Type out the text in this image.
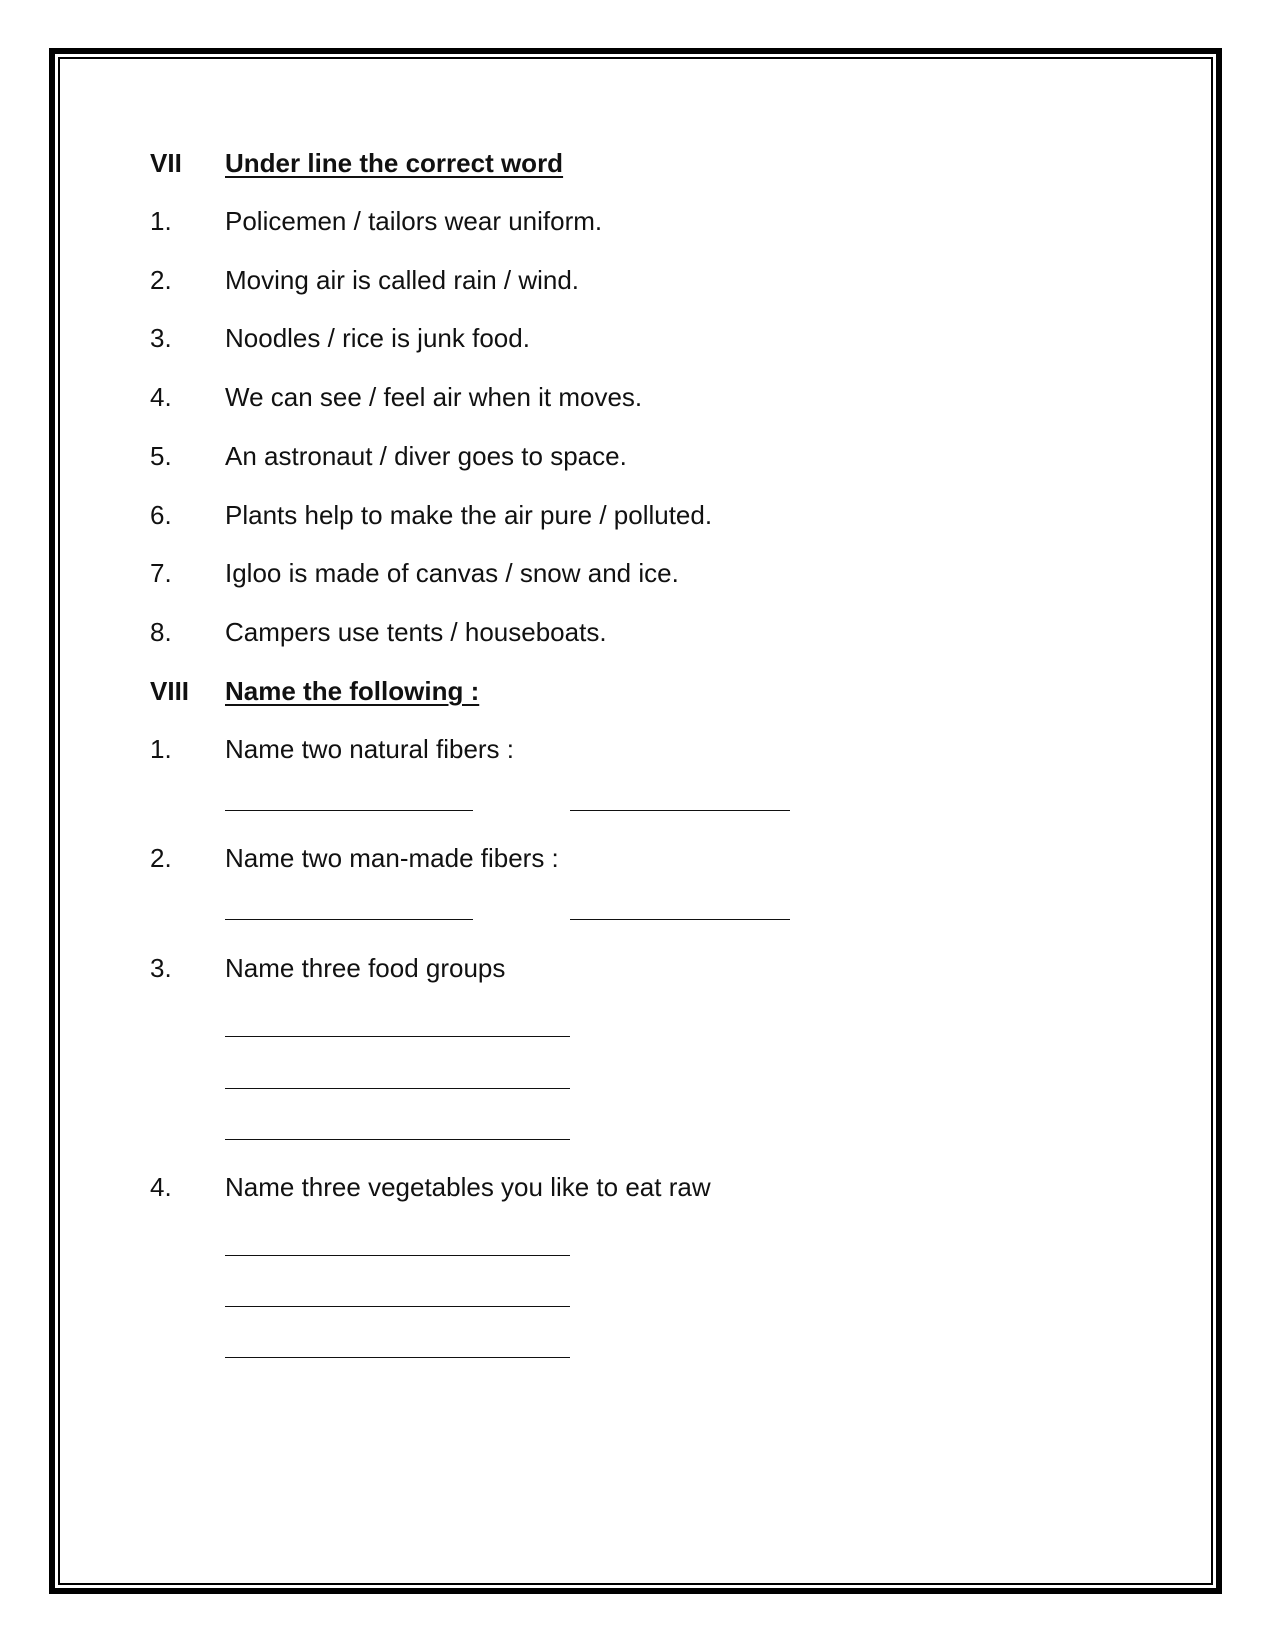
VII Under line the correct word
1. Policemen / tailors wear uniform.
2. Moving air is called rain / wind.
3. Noodles / rice is junk food.
4. We can see / feel air when it moves.
5. An astronaut / diver goes to space.
6. Plants help to make the air pure / polluted.
7. Igloo is made of canvas / snow and ice.
8. Campers use tents / houseboats.
VIII Name the following :
1. Name two natural fibers :
2. Name two man-made fibers :
3. Name three food groups
4. Name three vegetables you like to eat raw
